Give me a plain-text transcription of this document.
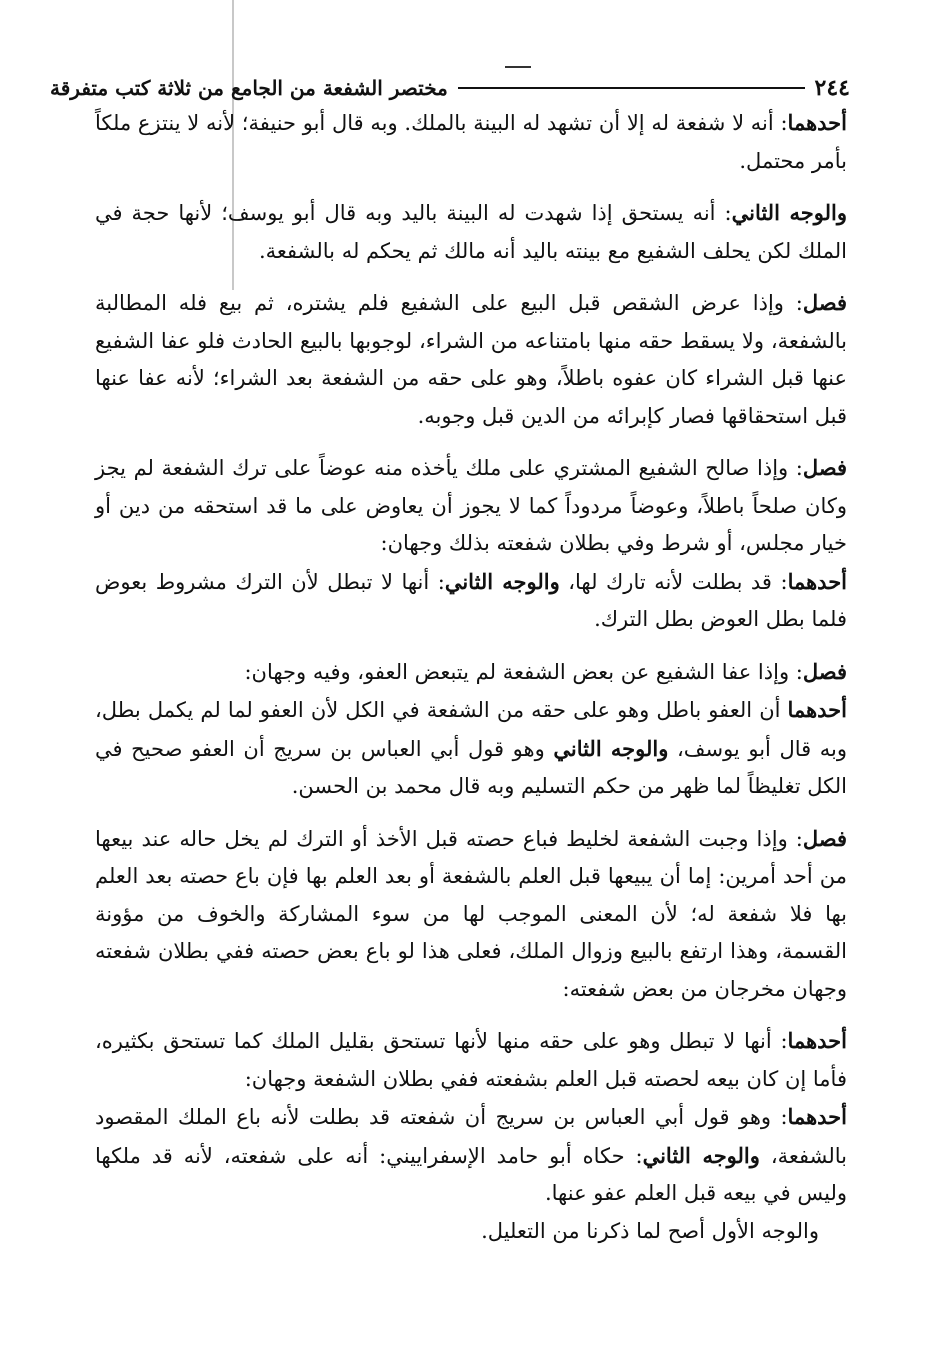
٢٤٤
مختصر الشفعة من الجامع من ثلاثة كتب متفرقة

أحدهما: أنه لا شفعة له إلا أن تشهد له البينة بالملك. وبه قال أبو حنيفة؛ لأنه لا ينتزع ملكاً بأمر محتمل.

والوجه الثاني: أنه يستحق إذا شهدت له البينة باليد وبه قال أبو يوسف؛ لأنها حجة في الملك لكن يحلف الشفيع مع بينته باليد أنه مالك ثم يحكم له بالشفعة.

فصل: وإذا عرض الشقص قبل البيع على الشفيع فلم يشتره، ثم بيع فله المطالبة بالشفعة، ولا يسقط حقه منها بامتناعه من الشراء، لوجوبها بالبيع الحادث فلو عفا الشفيع عنها قبل الشراء كان عفوه باطلاً، وهو على حقه من الشفعة بعد الشراء؛ لأنه عفا عنها قبل استحقاقها فصار كإبرائه من الدين قبل وجوبه.

فصل: وإذا صالح الشفيع المشتري على ملك يأخذه منه عوضاً على ترك الشفعة لم يجز وكان صلحاً باطلاً، وعوضاً مردوداً كما لا يجوز أن يعاوض على ما قد استحقه من دين أو خيار مجلس، أو شرط وفي بطلان شفعته بذلك وجهان:

أحدهما: قد بطلت لأنه تارك لها، والوجه الثاني: أنها لا تبطل لأن الترك مشروط بعوض فلما بطل العوض بطل الترك.

فصل: وإذا عفا الشفيع عن بعض الشفعة لم يتبعض العفو، وفيه وجهان:

أحدهما أن العفو باطل وهو على حقه من الشفعة في الكل لأن العفو لما لم يكمل بطل، وبه قال أبو يوسف، والوجه الثاني وهو قول أبي العباس بن سريج أن العفو صحيح في الكل تغليظاً لما ظهر من حكم التسليم وبه قال محمد بن الحسن.

فصل: وإذا وجبت الشفعة لخليط فباع حصته قبل الأخذ أو الترك لم يخل حاله عند بيعها من أحد أمرين: إما أن يبيعها قبل العلم بالشفعة أو بعد العلم بها فإن باع حصته بعد العلم بها فلا شفعة له؛ لأن المعنى الموجب لها من سوء المشاركة والخوف من مؤونة القسمة، وهذا ارتفع بالبيع وزوال الملك، فعلى هذا لو باع بعض حصته ففي بطلان شفعته وجهان مخرجان من بعض شفعته:

أحدهما: أنها لا تبطل وهو على حقه منها لأنها تستحق بقليل الملك كما تستحق بكثيره، فأما إن كان بيعه لحصته قبل العلم بشفعته ففي بطلان الشفعة وجهان:

أحدهما: وهو قول أبي العباس بن سريج أن شفعته قد بطلت لأنه باع الملك المقصود بالشفعة، والوجه الثاني: حكاه أبو حامد الإسفراييني: أنه على شفعته، لأنه قد ملكها وليس في بيعه قبل العلم عفو عنها.

والوجه الأول أصح لما ذكرنا من التعليل.
